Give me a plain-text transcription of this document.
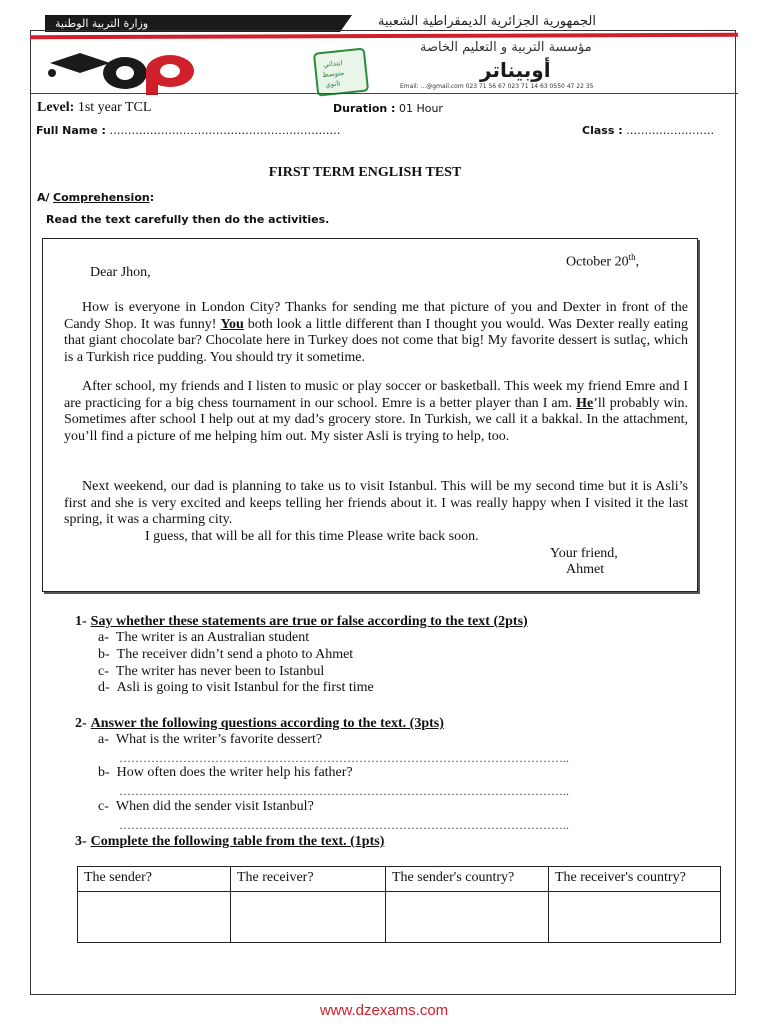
وزارة التربية الوطنية	الجمهورية الجزائرية الديمقراطية الشعبية
ابتدائي
متوسط
ثانوي
مؤسسة التربية و التعليم الخاصة
أوبيناتر
Email: ...@gmail.com 023 71 56 67 023 71 14 63 0550 47 22 35
Level: 1st year TCL	Duration : 01 Hour
Full Name : ………………………………………………………	Class : ……………………
FIRST TERM ENGLISH TEST
A/ Comprehension:
Read the text carefully then do the activities.
October 20th,
Dear Jhon,
How is everyone in London City? Thanks for sending me that picture of you and Dexter in front of the Candy Shop. It was funny! You both look a little different than I thought you would. Was Dexter really eating that giant chocolate bar? Chocolate here in Turkey does not come that big! My favorite dessert is sutlaç, which is a Turkish rice pudding. You should try it sometime.
After school, my friends and I listen to music or play soccer or basketball. This week my friend Emre and I are practicing for a big chess tournament in our school. Emre is a better player than I am. He’ll probably win. Sometimes after school I help out at my dad’s grocery store. In Turkish, we call it a bakkal. In the attachment, you’ll find a picture of me helping him out. My sister Asli is trying to help, too.
Next weekend, our dad is planning to take us to visit Istanbul. This will be my second time but it is Asli’s first and she is very excited and keeps telling her friends about it. I was really happy when I visited it the last spring, it was a charming city.
I guess, that will be all for this time Please write back soon.
Your friend,
Ahmet
1- Say whether these statements are true or false according to the text (2pts)
a- The writer is an Australian student
b- The receiver didn’t send a photo to Ahmet
c- The writer has never been to Istanbul
d- Asli is going to visit Istanbul for the first time
2- Answer the following questions according to the text. (3pts)
a- What is the writer’s favorite dessert?
…………………………………………………………………………………………………..
b- How often does the writer help his father?
…………………………………………………………………………………………………..
c- When did the sender visit Istanbul?
…………………………………………………………………………………………………..
3- Complete the following table from the text. (1pts)
The sender?	The receiver?	The sender's country?	The receiver's country?

www.dzexams.com
